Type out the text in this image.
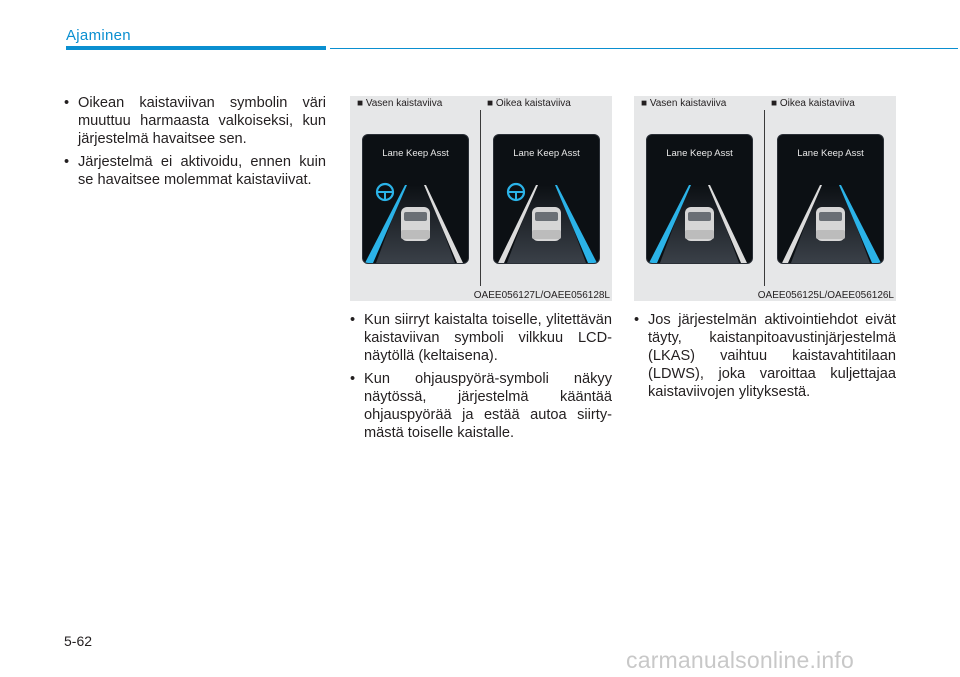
Ajaminen

• Oikean kaistaviivan symbolin väri muuttuu harmaasta valkoiseksi, kun järjestelmä havaitsee sen.

• Järjestelmä ei aktivoidu, ennen kuin se havaitsee molemmat kaistaviivat.

■ Vasen kaistaviiva	■ Oikea kaistaviiva
Lane Keep Asst	Lane Keep Asst
OAEE056127L/OAEE056128L
■ Vasen kaistaviiva	■ Oikea kaistaviiva
Lane Keep Asst	Lane Keep Asst
OAEE056125L/OAEE056126L

• Kun siirryt kaistalta toiselle, ylitettävän kaistaviivan symboli vilkkuu LCD-näytöllä (keltaisena).

• Kun ohjauspyörä-symboli näkyy näytössä, järjestelmä kääntää ohjauspyörää ja estää autoa siirtymästä toiselle kaistalle.

• Jos järjestelmän aktivointiehdot eivät täyty, kaistanpitoavustinjärjestelmä (LKAS) vaihtuu kaistavahtitilaan (LDWS), joka varoittaa kuljettajaa kaistaviivojen ylityksestä.

5-62
carmanualsonline.info
